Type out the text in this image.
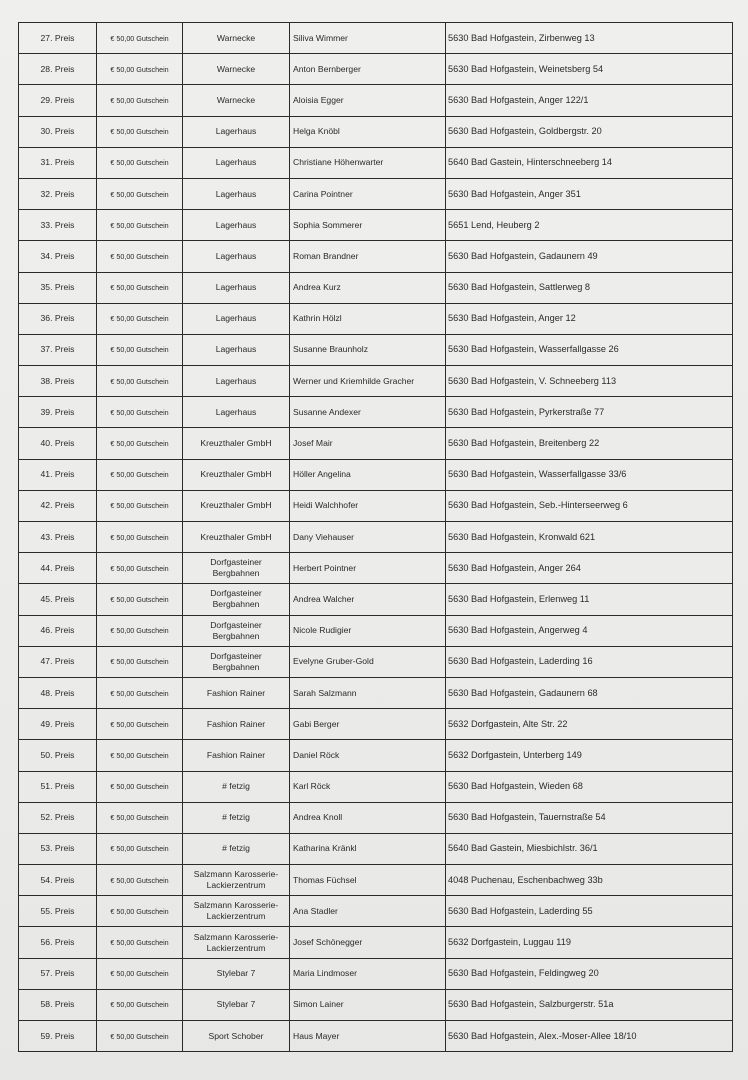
27. Preis	€ 50,00 Gutschein	Warnecke	Siliva Wimmer	5630 Bad Hofgastein, Zirbenweg 13
28. Preis	€ 50,00 Gutschein	Warnecke	Anton Bernberger	5630 Bad Hofgastein, Weinetsberg 54
29. Preis	€ 50,00 Gutschein	Warnecke	Aloisia Egger	5630 Bad Hofgastein, Anger 122/1
30. Preis	€ 50,00 Gutschein	Lagerhaus	Helga Knöbl	5630 Bad Hofgastein, Goldbergstr. 20
31. Preis	€ 50,00 Gutschein	Lagerhaus	Christiane Höhenwarter	5640 Bad Gastein, Hinterschneeberg 14
32. Preis	€ 50,00 Gutschein	Lagerhaus	Carina Pointner	5630 Bad Hofgastein, Anger 351
33. Preis	€ 50,00 Gutschein	Lagerhaus	Sophia Sommerer	5651 Lend, Heuberg 2
34. Preis	€ 50,00 Gutschein	Lagerhaus	Roman Brandner	5630 Bad Hofgastein, Gadaunern 49
35. Preis	€ 50,00 Gutschein	Lagerhaus	Andrea Kurz	5630 Bad Hofgastein, Sattlerweg 8
36. Preis	€ 50,00 Gutschein	Lagerhaus	Kathrin Hölzl	5630 Bad Hofgastein, Anger 12
37. Preis	€ 50,00 Gutschein	Lagerhaus	Susanne Braunholz	5630 Bad Hofgastein, Wasserfallgasse 26
38. Preis	€ 50,00 Gutschein	Lagerhaus	Werner und Kriemhilde Gracher	5630 Bad Hofgastein, V. Schneeberg 113
39. Preis	€ 50,00 Gutschein	Lagerhaus	Susanne Andexer	5630 Bad Hofgastein, Pyrkerstraße 77
40. Preis	€ 50,00 Gutschein	Kreuzthaler GmbH	Josef Mair	5630 Bad Hofgastein, Breitenberg 22
41. Preis	€ 50,00 Gutschein	Kreuzthaler GmbH	Höller Angelina	5630 Bad Hofgastein, Wasserfallgasse 33/6
42. Preis	€ 50,00 Gutschein	Kreuzthaler GmbH	Heidi Walchhofer	5630 Bad Hofgastein, Seb.-Hinterseerweg 6
43. Preis	€ 50,00 Gutschein	Kreuzthaler GmbH	Dany Viehauser	5630 Bad Hofgastein, Kronwald 621
44. Preis	€ 50,00 Gutschein	Dorfgasteiner Bergbahnen	Herbert Pointner	5630 Bad Hofgastein, Anger 264
45. Preis	€ 50,00 Gutschein	Dorfgasteiner Bergbahnen	Andrea Walcher	5630 Bad Hofgastein, Erlenweg 11
46. Preis	€ 50,00 Gutschein	Dorfgasteiner Bergbahnen	Nicole Rudigier	5630 Bad Hofgastein, Angerweg 4
47. Preis	€ 50,00 Gutschein	Dorfgasteiner Bergbahnen	Evelyne Gruber-Gold	5630 Bad Hofgastein, Laderding 16
48. Preis	€ 50,00 Gutschein	Fashion Rainer	Sarah Salzmann	5630 Bad Hofgastein, Gadaunern 68
49. Preis	€ 50,00 Gutschein	Fashion Rainer	Gabi Berger	5632 Dorfgastein, Alte Str. 22
50. Preis	€ 50,00 Gutschein	Fashion Rainer	Daniel Röck	5632 Dorfgastein, Unterberg 149
51. Preis	€ 50,00 Gutschein	# fetzig	Karl Röck	5630 Bad Hofgastein, Wieden 68
52. Preis	€ 50,00 Gutschein	# fetzig	Andrea Knoll	5630 Bad Hofgastein, Tauernstraße 54
53. Preis	€ 50,00 Gutschein	# fetzig	Katharina Kränkl	5640 Bad Gastein, Miesbichlstr. 36/1
54. Preis	€ 50,00 Gutschein	Salzmann Karosserie-Lackierzentrum	Thomas Füchsel	4048 Puchenau, Eschenbachweg 33b
55. Preis	€ 50,00 Gutschein	Salzmann Karosserie-Lackierzentrum	Ana Stadler	5630 Bad Hofgastein, Laderding 55
56. Preis	€ 50,00 Gutschein	Salzmann Karosserie-Lackierzentrum	Josef Schönegger	5632 Dorfgastein, Luggau 119
57. Preis	€ 50,00 Gutschein	Stylebar 7	Maria Lindmoser	5630 Bad Hofgastein, Feldingweg 20
58. Preis	€ 50,00 Gutschein	Stylebar 7	Simon Lainer	5630 Bad Hofgastein, Salzburgerstr. 51a
59. Preis	€ 50,00 Gutschein	Sport Schober	Haus Mayer	5630 Bad Hofgastein, Alex.-Moser-Allee 18/10
